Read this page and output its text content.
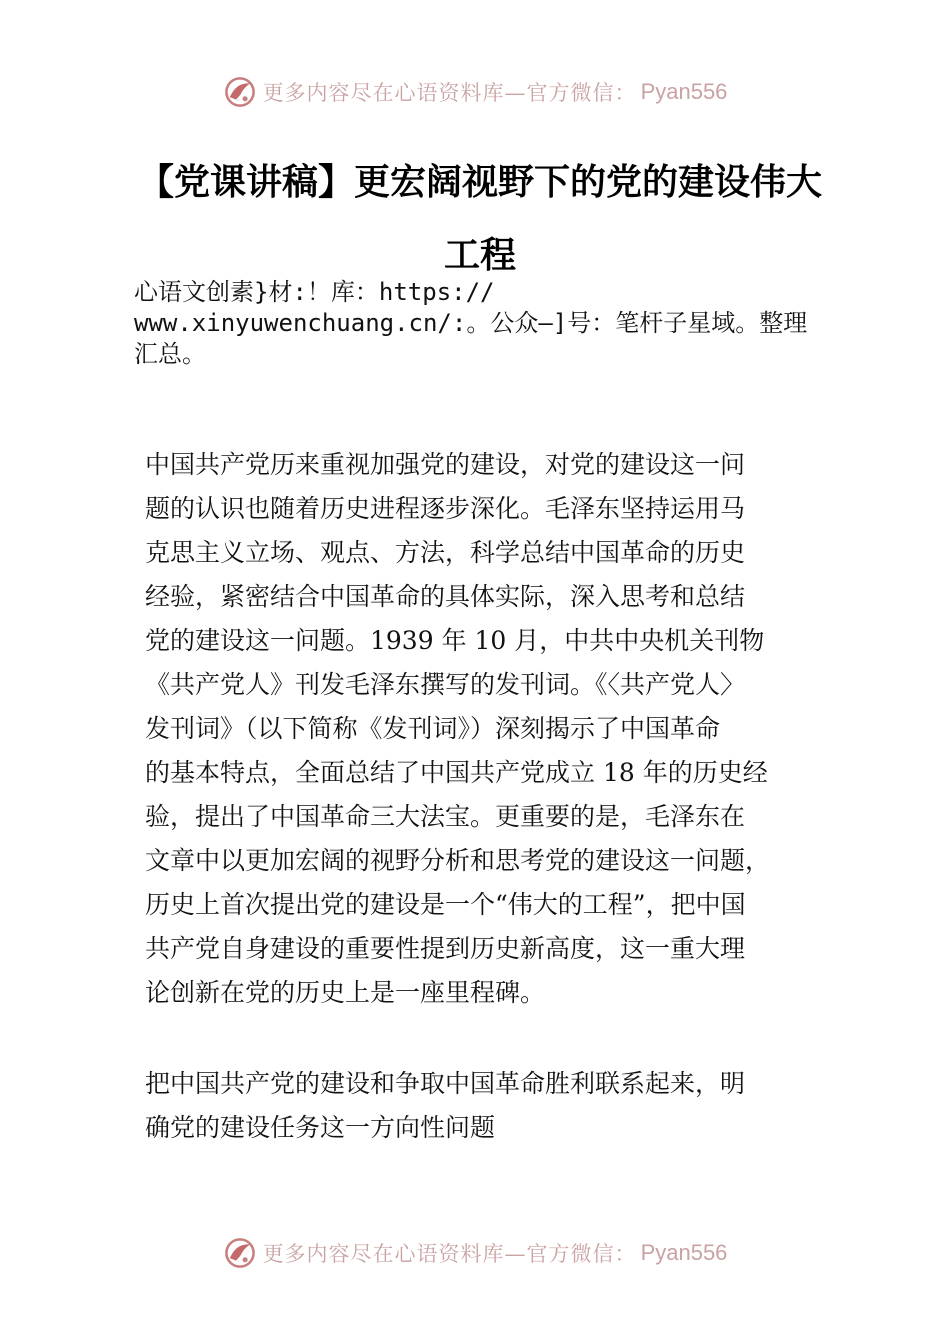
更多内容尽在心语资料库—官方微信： Pyan556
【党课讲稿】更宏阔视野下的党的建设伟大
工程
心语文创素}材:！库：https://
www.xinyuwenchuang.cn/:。公众—]号：笔杆子星域。整理
汇总。
中国共产党历来重视加强党的建设，对党的建设这一问
题的认识也随着历史进程逐步深化。毛泽东坚持运用马
克思主义立场、观点、方法，科学总结中国革命的历史
经验，紧密结合中国革命的具体实际，深入思考和总结
党的建设这一问题。1939 年 10 月，中共中央机关刊物
《共产党人》刊发毛泽东撰写的发刊词。《〈共产党人〉
发刊词》（以下简称《发刊词》）深刻揭示了中国革命
的基本特点，全面总结了中国共产党成立 18 年的历史经
验，提出了中国革命三大法宝。更重要的是，毛泽东在
文章中以更加宏阔的视野分析和思考党的建设这一问题，
历史上首次提出党的建设是一个“伟大的工程”，把中国
共产党自身建设的重要性提到历史新高度，这一重大理
论创新在党的历史上是一座里程碑。
把中国共产党的建设和争取中国革命胜利联系起来，明
确党的建设任务这一方向性问题
更多内容尽在心语资料库—官方微信： Pyan556
